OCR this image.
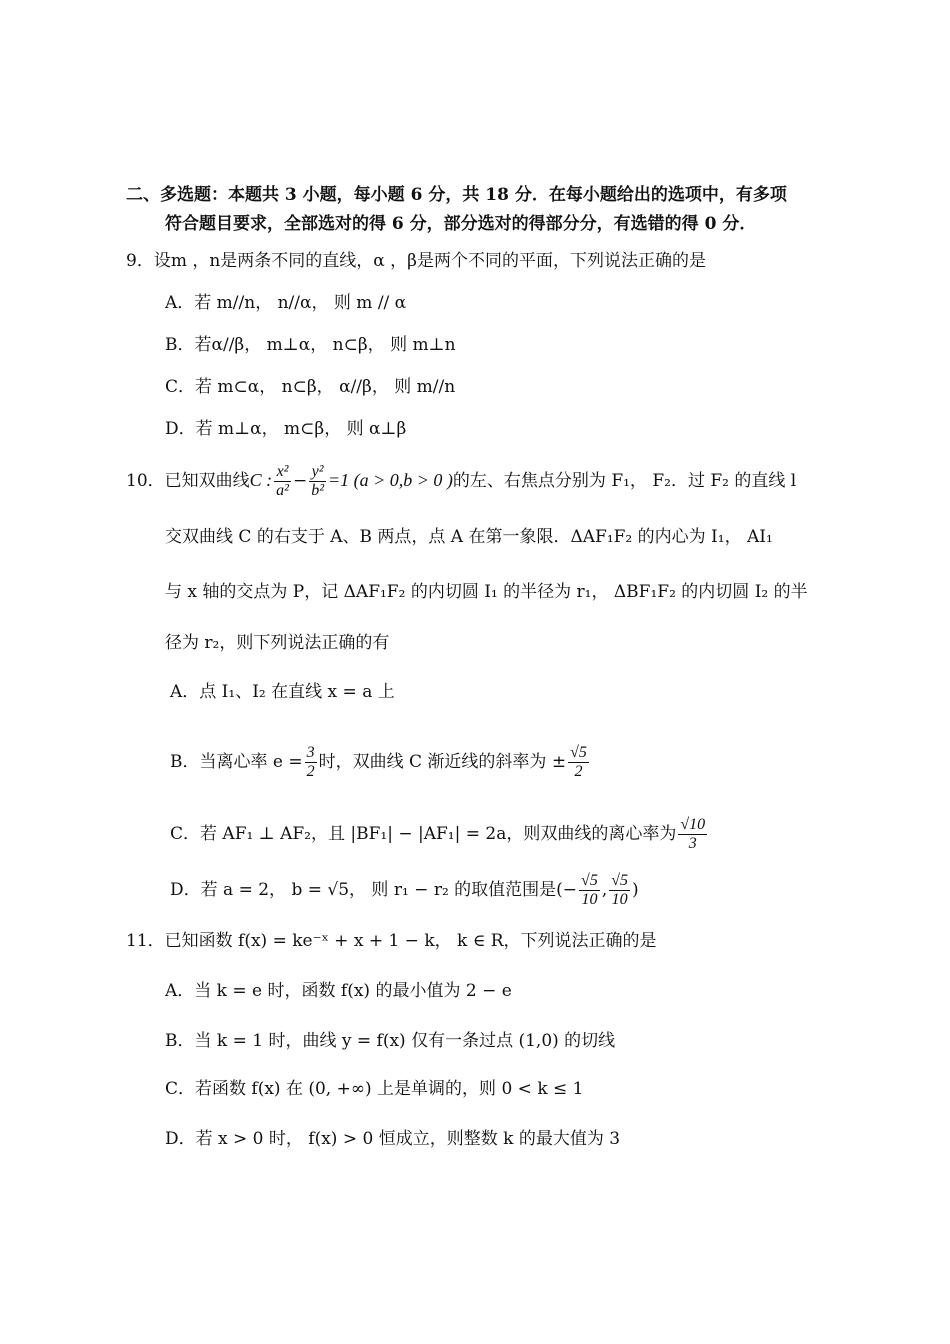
二、多选题：本题共 3 小题，每小题 6 分，共 18 分．在每小题给出的选项中，有多项
符合题目要求，全部选对的得 6 分，部分选对的得部分分，有选错的得 0 分．
9．设m ，n是两条不同的直线，α ，β是两个不同的平面，下列说法正确的是
A．若 m//n， n//α， 则 m // α
B．若α//β， m⊥α， n⊂β， 则 m⊥n
C．若 m⊂α， n⊂β， α//β， 则 m//n
D．若 m⊥α， m⊂β， 则 α⊥β
10．已知双曲线C : $\frac{\text{x²}}{\text{a²}} - \frac{\text{y²}}{\text{b²}} =1$ (a > 0,b > 0 )的左、右焦点分别为 F₁， F₂．过 F₂ 的直线 l
交双曲线 C 的右支于 A、B 两点，点 A 在第一象限．ΔAF₁F₂ 的内心为 I₁， AI₁
与 x 轴的交点为 P，记 ΔAF₁F₂ 的内切圆 I₁ 的半径为 r₁， ΔBF₁F₂ 的内切圆 I₂ 的半
径为 r₂，则下列说法正确的有
A．点 I₁、I₂ 在直线 x = a 上
B．当离心率 $e = \frac{3}{2}$ 时，双曲线 C 渐近线的斜率为 ± $\frac{√5}{2}$
C．若 AF₁ ⊥ AF₂，且 |BF₁| − |AF₁| = 2a，则双曲线的离心率为 $\frac{√10}{3}$
D．若 a = 2， b = √5， 则 r₁ − r₂ 的取值范围是(− $\frac{√5}{10}$ , $\frac{√5}{10}$ )
11．已知函数 f(x) = ke⁻ˣ + x + 1 − k， k ∈ R，下列说法正确的是
A．当 k = e 时，函数 f(x) 的最小值为 2 − e
B．当 k = 1 时，曲线 y = f(x) 仅有一条过点 (1,0) 的切线
C．若函数 f(x) 在 (0, +∞) 上是单调的，则 0 < k ≤ 1
D．若 x > 0 时， f(x) > 0 恒成立，则整数 k 的最大值为 3
